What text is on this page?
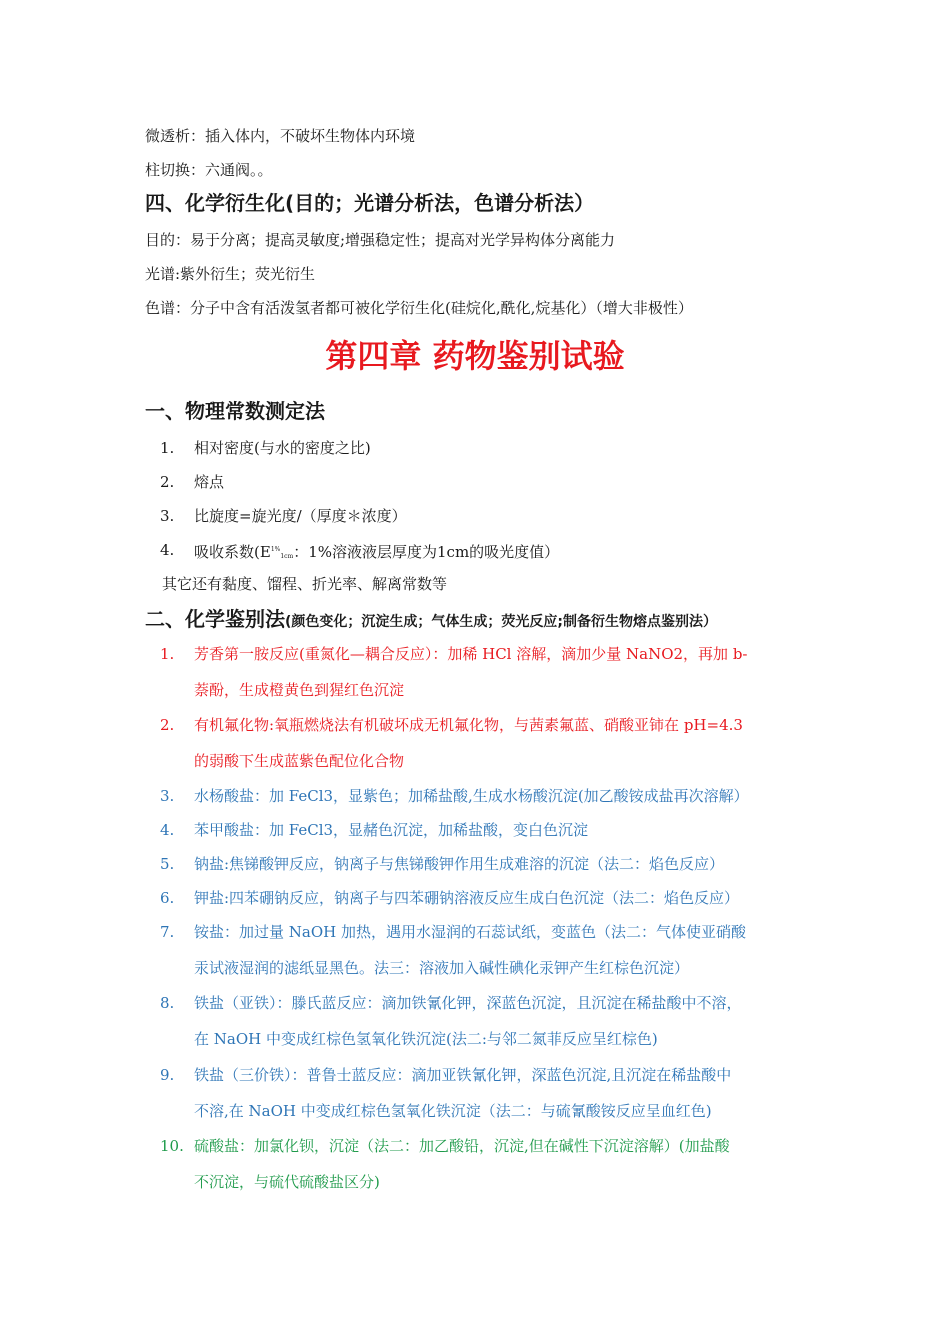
微透析：插入体内，不破坏生物体内环境
柱切换：六通阀。。
四、化学衍生化(目的；光谱分析法，色谱分析法）
目的：易于分离；提高灵敏度;增强稳定性；提高对光学异构体分离能力
光谱:紫外衍生；荧光衍生
色谱：分子中含有活泼氢者都可被化学衍生化(硅烷化,酰化,烷基化）（增大非极性）
第四章 药物鉴别试验
一、物理常数测定法
1.	相对密度(与水的密度之比)
2.	熔点
3.	比旋度=旋光度/（厚度＊浓度）
4.	吸收系数($E^{1\%}_{1cm}$：1%溶液液层厚度为1cm的吸光度值）
其它还有黏度、馏程、折光率、解离常数等
二、化学鉴别法(颜色变化；沉淀生成；气体生成；荧光反应;制备衍生物熔点鉴别法）
1.	芳香第一胺反应(重氮化—耦合反应）：加稀 HCl 溶解，滴加少量 NaNO2，再加 b-
萘酚，生成橙黄色到猩红色沉淀
2.	有机氟化物:氧瓶燃烧法有机破坏成无机氟化物，与茜素氟蓝、硝酸亚铈在 pH=4.3
的弱酸下生成蓝紫色配位化合物
3.	水杨酸盐：加 FeCl3，显紫色；加稀盐酸,生成水杨酸沉淀(加乙酸铵成盐再次溶解）
4.	苯甲酸盐：加 FeCl3，显赭色沉淀，加稀盐酸，变白色沉淀
5.	钠盐:焦锑酸钾反应，钠离子与焦锑酸钾作用生成难溶的沉淀（法二：焰色反应）
6.	钾盐:四苯硼钠反应，钠离子与四苯硼钠溶液反应生成白色沉淀（法二：焰色反应）
7.	铵盐：加过量 NaOH 加热，遇用水湿润的石蕊试纸，变蓝色（法二：气体使亚硝酸
汞试液湿润的滤纸显黑色。法三：溶液加入碱性碘化汞钾产生红棕色沉淀）
8.	铁盐（亚铁）：滕氏蓝反应：滴加铁氰化钾，深蓝色沉淀，且沉淀在稀盐酸中不溶，
在 NaOH 中变成红棕色氢氧化铁沉淀(法二:与邻二氮菲反应呈红棕色)
9.	铁盐（三价铁）：普鲁士蓝反应：滴加亚铁氰化钾，深蓝色沉淀,且沉淀在稀盐酸中
不溶,在 NaOH 中变成红棕色氢氧化铁沉淀（法二：与硫氰酸铵反应呈血红色)
10. 硫酸盐：加氯化钡，沉淀（法二：加乙酸铅，沉淀,但在碱性下沉淀溶解）(加盐酸
不沉淀，与硫代硫酸盐区分)
